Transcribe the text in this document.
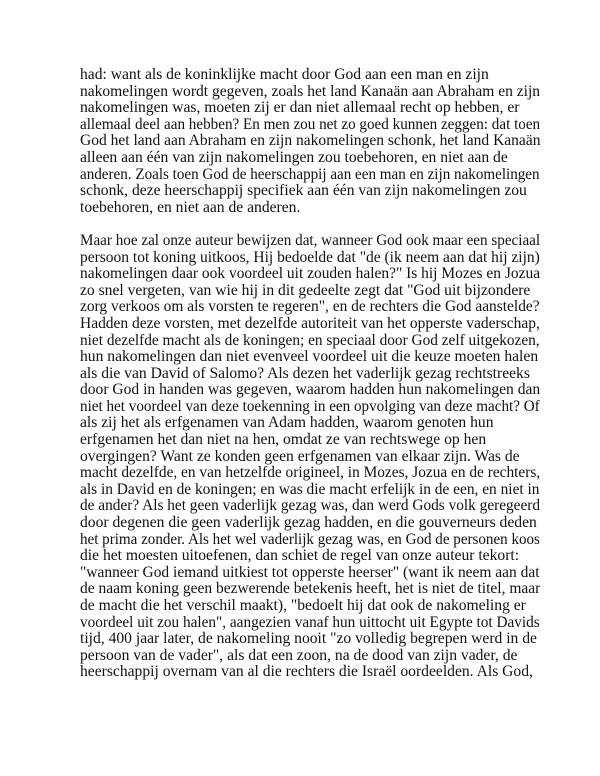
had: want als de koninklijke macht door God aan een man en zijn
nakomelingen wordt gegeven, zoals het land Kanaän aan Abraham en zijn
nakomelingen was, moeten zij er dan niet allemaal recht op hebben, er
allemaal deel aan hebben? En men zou net zo goed kunnen zeggen: dat toen
God het land aan Abraham en zijn nakomelingen schonk, het land Kanaän
alleen aan één van zijn nakomelingen zou toebehoren, en niet aan de
anderen. Zoals toen God de heerschappij aan een man en zijn nakomelingen
schonk, deze heerschappij specifiek aan één van zijn nakomelingen zou
toebehoren, en niet aan de anderen.
Maar hoe zal onze auteur bewijzen dat, wanneer God ook maar een speciaal
persoon tot koning uitkoos, Hij bedoelde dat "de (ik neem aan dat hij zijn)
nakomelingen daar ook voordeel uit zouden halen?" Is hij Mozes en Jozua
zo snel vergeten, van wie hij in dit gedeelte zegt dat "God uit bijzondere
zorg verkoos om als vorsten te regeren", en de rechters die God aanstelde?
Hadden deze vorsten, met dezelfde autoriteit van het opperste vaderschap,
niet dezelfde macht als de koningen; en speciaal door God zelf uitgekozen,
hun nakomelingen dan niet evenveel voordeel uit die keuze moeten halen
als die van David of Salomo? Als dezen het vaderlijk gezag rechtstreeks
door God in handen was gegeven, waarom hadden hun nakomelingen dan
niet het voordeel van deze toekenning in een opvolging van deze macht? Of
als zij het als erfgenamen van Adam hadden, waarom genoten hun
erfgenamen het dan niet na hen, omdat ze van rechtswege op hen
overgingen? Want ze konden geen erfgenamen van elkaar zijn. Was de
macht dezelfde, en van hetzelfde origineel, in Mozes, Jozua en de rechters,
als in David en de koningen; en was die macht erfelijk in de een, en niet in
de ander? Als het geen vaderlijk gezag was, dan werd Gods volk geregeerd
door degenen die geen vaderlijk gezag hadden, en die gouverneurs deden
het prima zonder. Als het wel vaderlijk gezag was, en God de personen koos
die het moesten uitoefenen, dan schiet de regel van onze auteur tekort:
"wanneer God iemand uitkiest tot opperste heerser" (want ik neem aan dat
de naam koning geen bezwerende betekenis heeft, het is niet de titel, maar
de macht die het verschil maakt), "bedoelt hij dat ook de nakomeling er
voordeel uit zou halen", aangezien vanaf hun uittocht uit Egypte tot Davids
tijd, 400 jaar later, de nakomeling nooit "zo volledig begrepen werd in de
persoon van de vader", als dat een zoon, na de dood van zijn vader, de
heerschappij overnam van al die rechters die Israël oordeelden. Als God,
